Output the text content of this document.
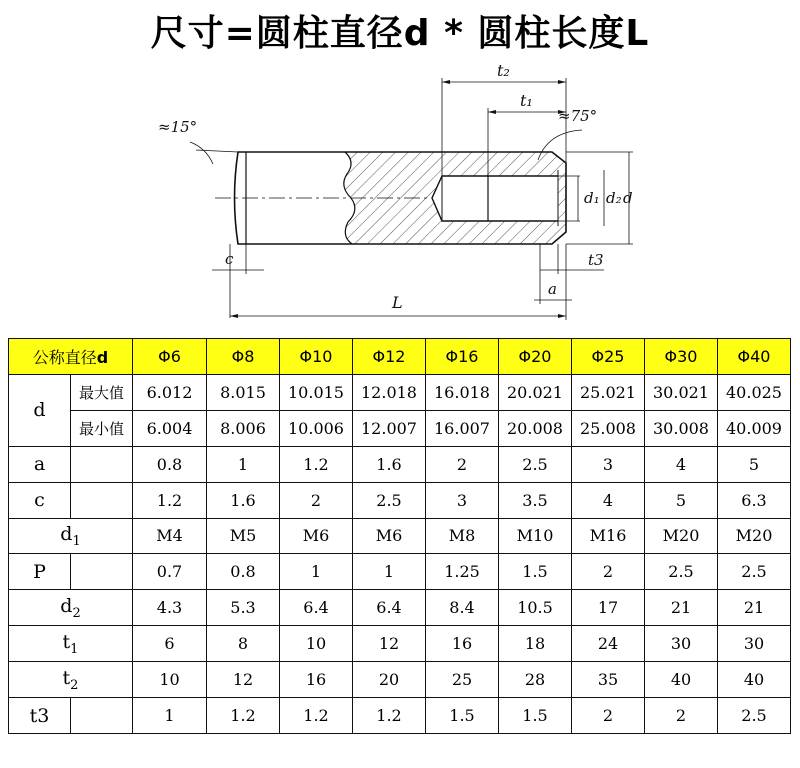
尺寸=圆柱直径d * 圆柱长度L
t₂
t₁
≈75°
≈15°
d₁ d₂ d
c	t3
a
L
公称直径d		Φ6	Φ8	Φ10	Φ12	Φ16	Φ20	Φ25	Φ30	Φ40
d	最大值	6.012	8.015	10.015	12.018	16.018	20.021	25.021	30.021	40.025
	最小值	6.004	8.006	10.006	12.007	16.007	20.008	25.008	30.008	40.009
a		0.8	1	1.2	1.6	2	2.5	3	4	5
c		1.2	1.6	2	2.5	3	3.5	4	5	6.3
$d_1$		M4	M5	M6	M6	M8	M10	M16	M20	M20
P		0.7	0.8	1	1	1.25	1.5	2	2.5	2.5
$d_2$		4.3	5.3	6.4	6.4	8.4	10.5	17	21	21
$t_1$		6	8	10	12	16	18	24	30	30
$t_2$		10	12	16	20	25	28	35	40	40
t3		1	1.2	1.2	1.2	1.5	1.5	2	2	2.5
